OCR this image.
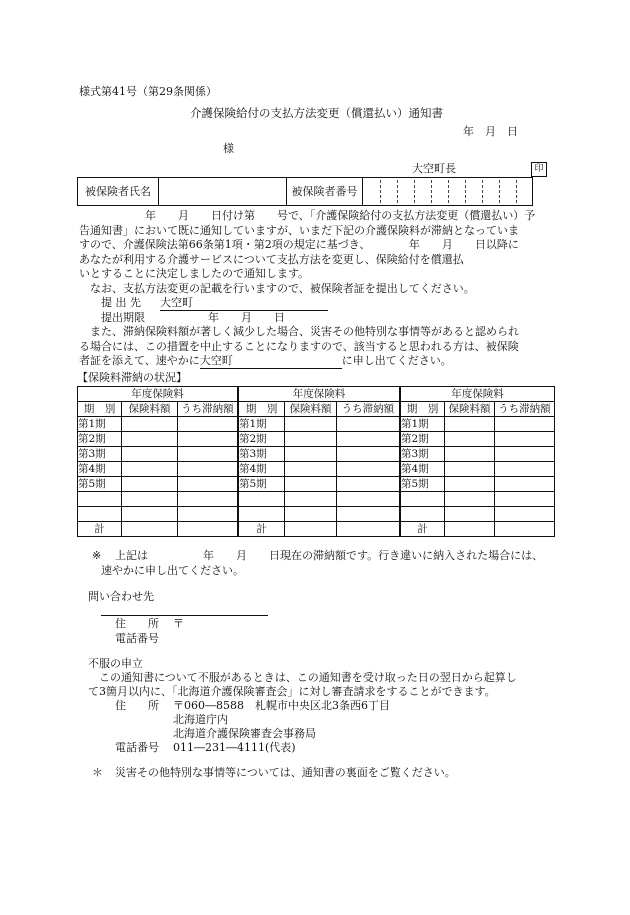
様式第41号（第29条関係）
介護保険給付の支払方法変更（償還払い）通知書
年　月　日
様
大空町長	印
被保険者氏名	被保険者番号
　　　　　　年　　月　　日付け第　　号で、「介護保険給付の支払方法変更（償還払い）予
告通知書」において既に通知していますが、いまだ下記の介護保険料が滞納となっていま
すので、介護保険法第66条第1項・第2項の規定に基づき、　　　　年　　月　　日以降に
あなたが利用する介護サービスについて支払方法を変更し、保険給付を償還払
いとすることに決定しましたので通知します。
　なお、支払方法変更の記載を行いますので、被保険者証を提出してください。
提 出 先 大空町
提出期限	年　　月　　日
　また、滞納保険料額が著しく減少した場合、災害その他特別な事情等があると認められ
る場合には、この措置を中止することになりますので、該当すると思われる方は、被保険
者証を添えて、速やかに大空町	に申し出てください。
【保険料滞納の状況】
年度保険料		
期　別	保険料額	うち滞納額
第1期		
第2期		
第3期		
第4期		
第5期		

計		
年度保険料		
期　別	保険料額	うち滞納額
第1期		
第2期		
第3期		
第4期		
第5期		

計		
年度保険料		
期　別	保険料額	うち滞納額
第1期		
第2期		
第3期		
第4期		
第5期		

計		
※ 上記は　　　　　年　　月　　日現在の滞納額です。行き違いに納入された場合には、
速やかに申し出てください。
問い合わせ先
住　　所 〒
電話番号
不服の申立
　この通知書について不服があるときは、この通知書を受け取った日の翌日から起算し
て3箇月以内に、「北海道介護保険審査会」に対し審査請求をすることができます。
住　　所 〒060―8588　札幌市中央区北3条西6丁目
北海道庁内
北海道介護保険審査会事務局
電話番号 011―231―4111(代表)
＊ 災害その他特別な事情等については、通知書の裏面をご覧ください。
